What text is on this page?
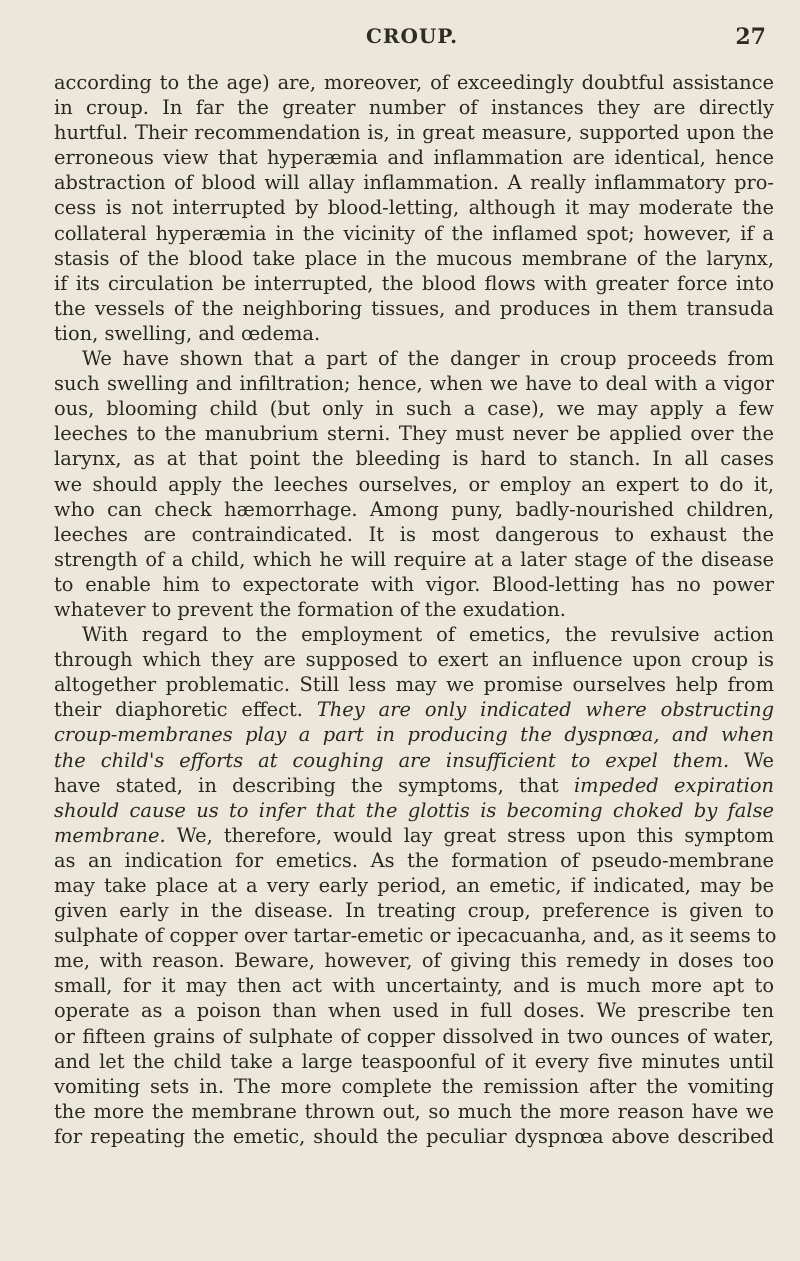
CROUP.	27
according to the age) are, moreover, of exceedingly doubtful assistance
in croup. In far the greater number of instances they are directly
hurtful. Their recommendation is, in great measure, supported upon the
erroneous view that hyperæmia and inflammation are identical, hence
abstraction of blood will allay inflammation. A really inflammatory pro-
cess is not interrupted by blood-letting, although it may moderate the
collateral hyperæmia in the vicinity of the inflamed spot; however, if a
stasis of the blood take place in the mucous membrane of the larynx,
if its circulation be interrupted, the blood flows with greater force into
the vessels of the neighboring tissues, and produces in them transuda
tion, swelling, and œdema.
We have shown that a part of the danger in croup proceeds from
such swelling and infiltration; hence, when we have to deal with a vigor
ous, blooming child (but only in such a case), we may apply a few
leeches to the manubrium sterni. They must never be applied over the
larynx, as at that point the bleeding is hard to stanch. In all cases
we should apply the leeches ourselves, or employ an expert to do it,
who can check hæmorrhage. Among puny, badly-nourished children,
leeches are contraindicated. It is most dangerous to exhaust the
strength of a child, which he will require at a later stage of the disease
to enable him to expectorate with vigor. Blood-letting has no power
whatever to prevent the formation of the exudation.
With regard to the employment of emetics, the revulsive action
through which they are supposed to exert an influence upon croup is
altogether problematic. Still less may we promise ourselves help from
their diaphoretic effect. They are only indicated where obstructing
croup-membranes play a part in producing the dyspnœa, and when
the child's efforts at coughing are insufficient to expel them. We
have stated, in describing the symptoms, that impeded expiration
should cause us to infer that the glottis is becoming choked by false
membrane. We, therefore, would lay great stress upon this symptom
as an indication for emetics. As the formation of pseudo-membrane
may take place at a very early period, an emetic, if indicated, may be
given early in the disease. In treating croup, preference is given to
sulphate of copper over tartar-emetic or ipecacuanha, and, as it seems to
me, with reason. Beware, however, of giving this remedy in doses too
small, for it may then act with uncertainty, and is much more apt to
operate as a poison than when used in full doses. We prescribe ten
or fifteen grains of sulphate of copper dissolved in two ounces of water,
and let the child take a large teaspoonful of it every five minutes until
vomiting sets in. The more complete the remission after the vomiting
the more the membrane thrown out, so much the more reason have we
for repeating the emetic, should the peculiar dyspnœa above described
